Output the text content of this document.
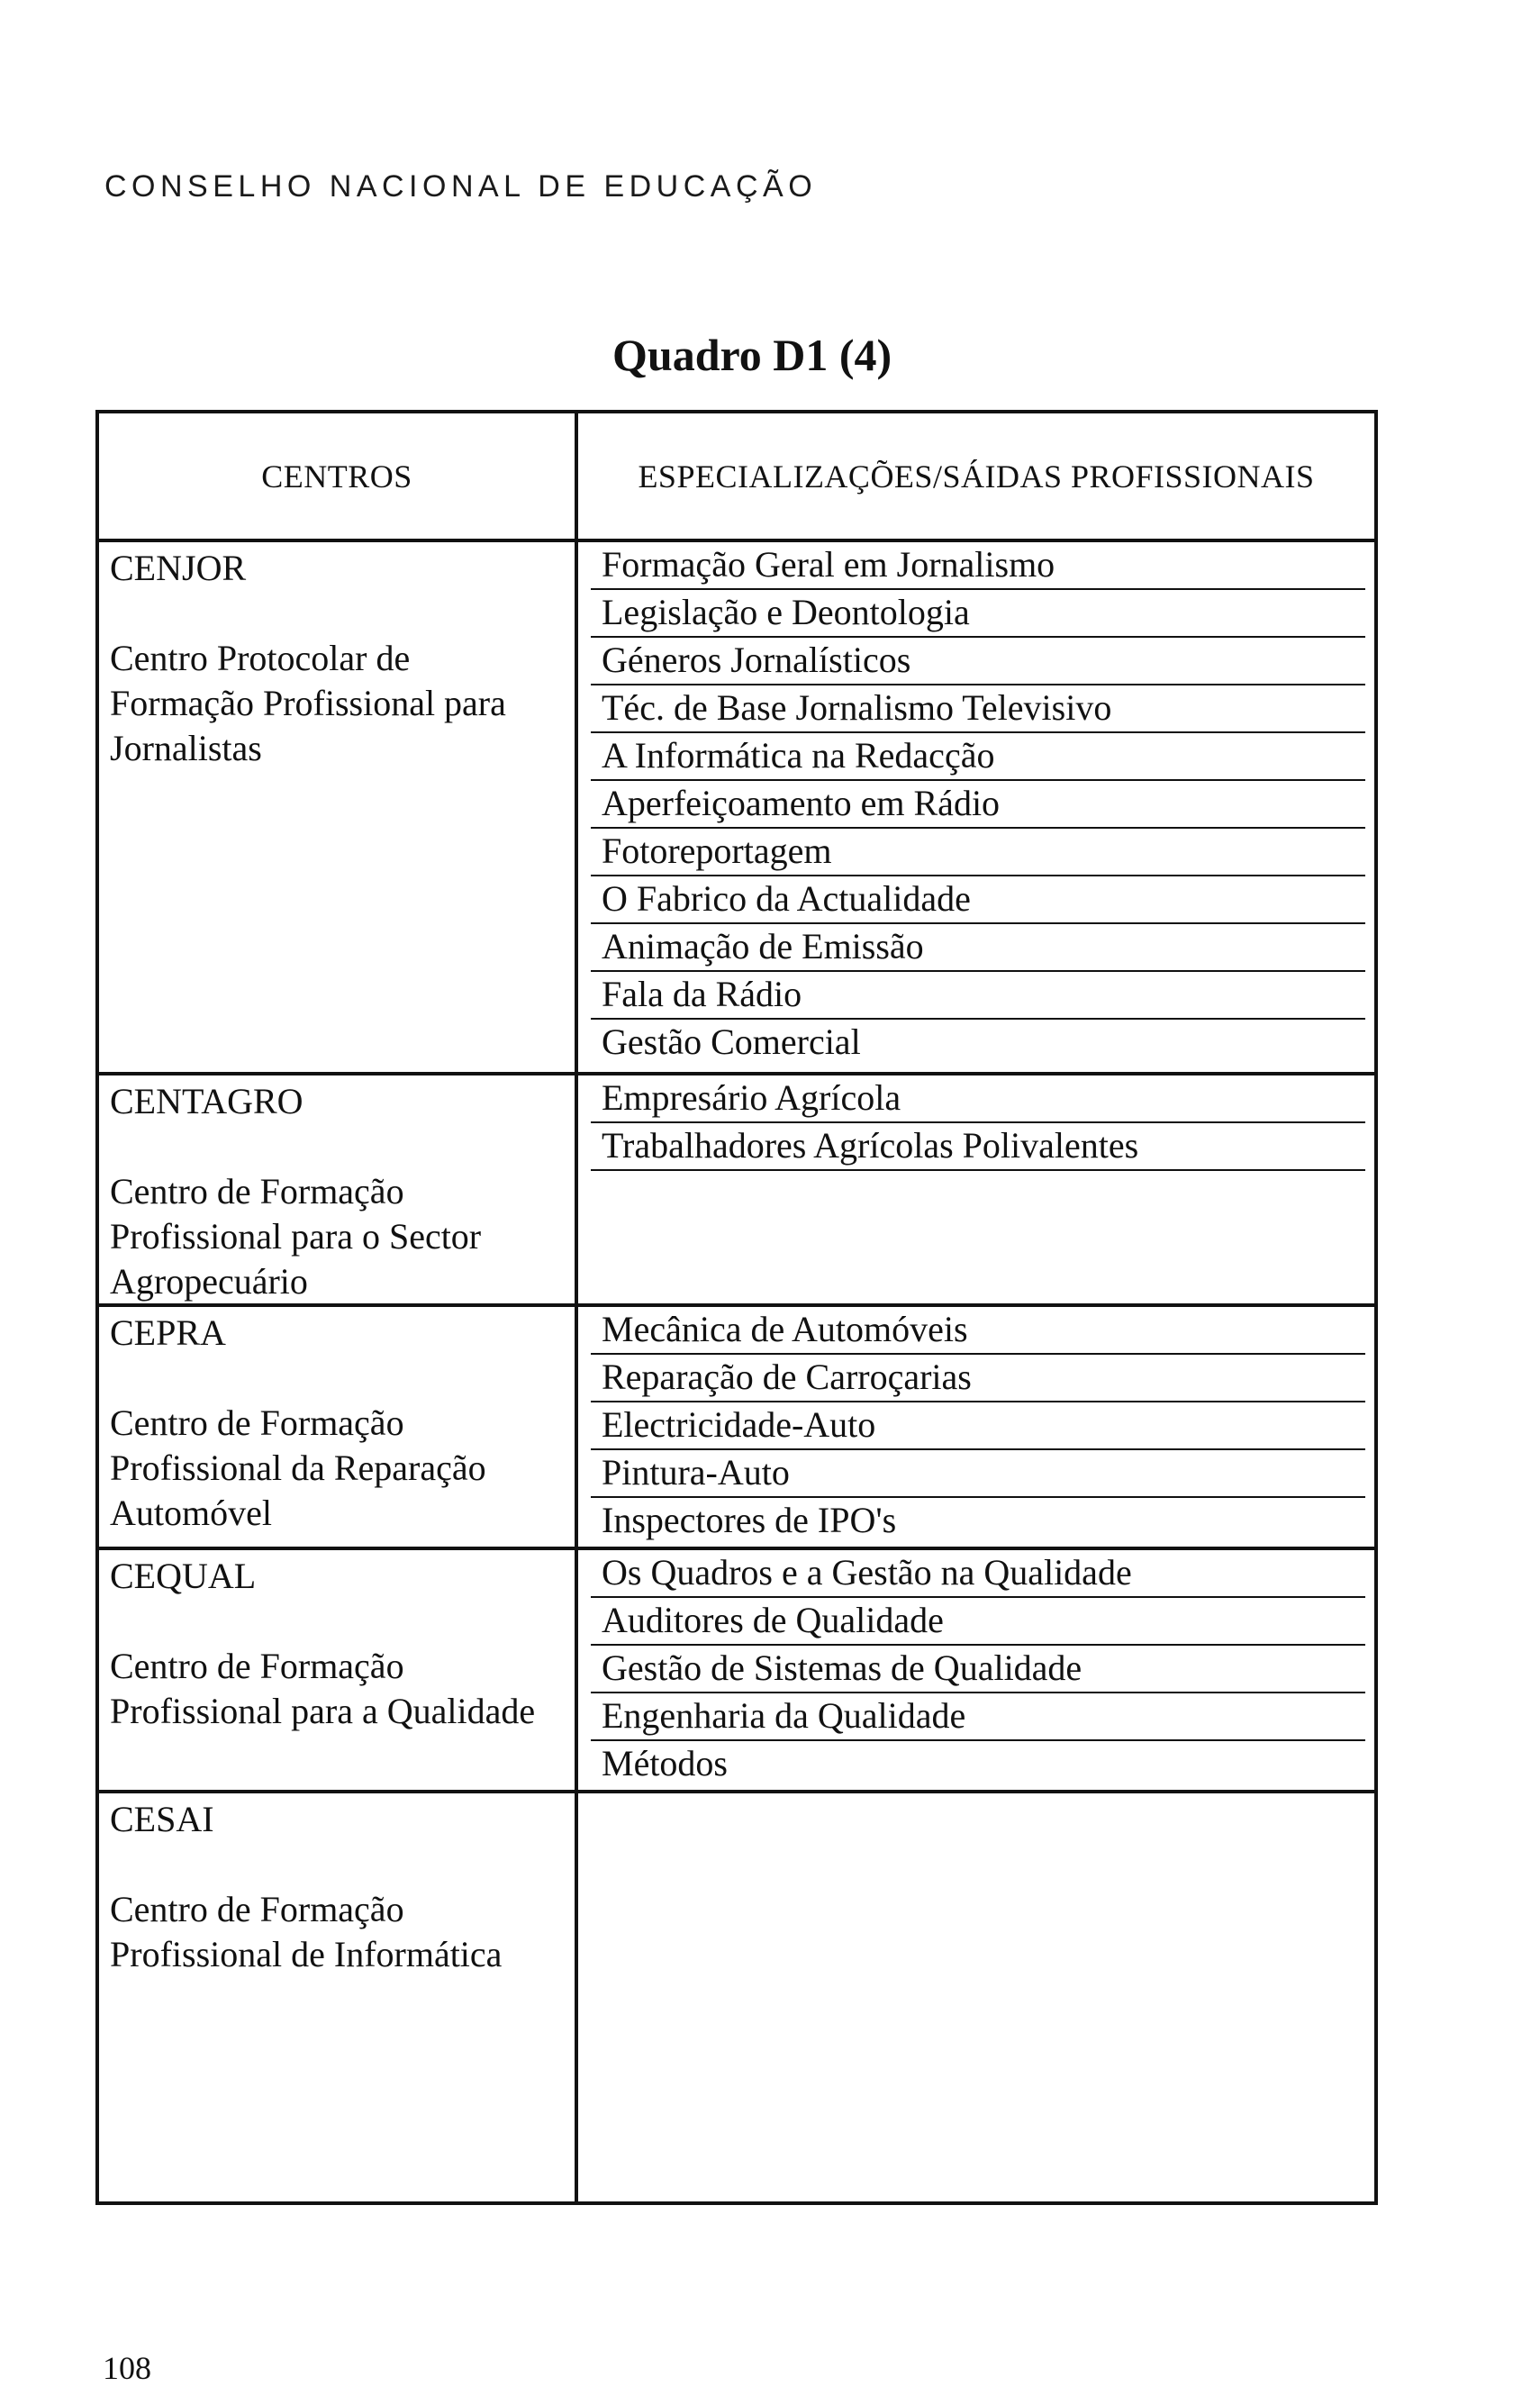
CONSELHO NACIONAL DE EDUCAÇÃO
Quadro D1 (4)
CENTROS	ESPECIALIZAÇÕES/SÁIDAS PROFISSIONAIS
CENJOR
Centro Protocolar de Formação Profissional para Jornalistas
Formação Geral em Jornalismo
Legislação e Deontologia
Géneros Jornalísticos
Téc. de Base Jornalismo Televisivo
A Informática na Redacção
Aperfeiçoamento em Rádio
Fotoreportagem
O Fabrico da Actualidade
Animação de Emissão
Fala da Rádio
Gestão Comercial
CENTAGRO
Centro de Formação Profissional para o Sector Agropecuário
Empresário Agrícola
Trabalhadores Agrícolas Polivalentes
CEPRA
Centro de Formação Profissional da Reparação Automóvel
Mecânica de Automóveis
Reparação de Carroçarias
Electricidade-Auto
Pintura-Auto
Inspectores de IPO's
CEQUAL
Centro de Formação Profissional para a Qualidade
Os Quadros e a Gestão na Qualidade
Auditores de Qualidade
Gestão de Sistemas de Qualidade
Engenharia da Qualidade
Métodos
CESAI
Centro de Formação Profissional de Informática
108
